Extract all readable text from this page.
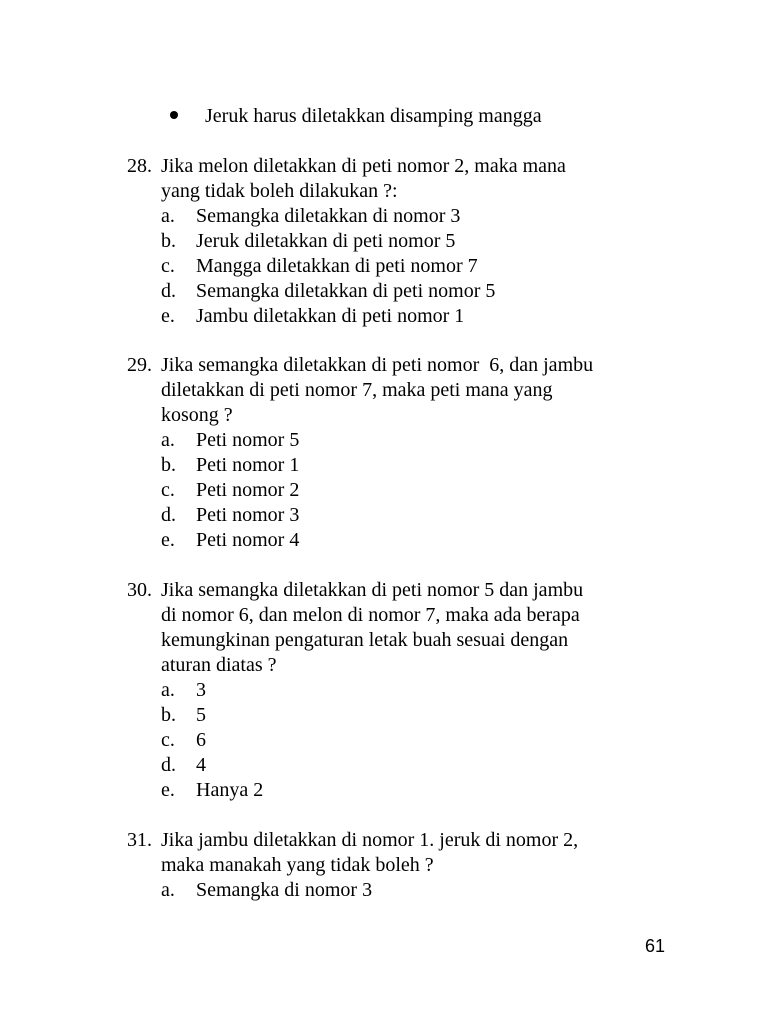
Jeruk harus diletakkan disamping mangga
28. Jika melon diletakkan di peti nomor 2, maka mana
yang tidak boleh dilakukan ?:
a.	Semangka diletakkan di nomor 3
b.	Jeruk diletakkan di peti nomor 5
c.	Mangga diletakkan di peti nomor 7
d.	Semangka diletakkan di peti nomor 5
e.	Jambu diletakkan di peti nomor 1
29. Jika semangka diletakkan di peti nomor  6, dan jambu
diletakkan di peti nomor 7, maka peti mana yang
kosong ?
a.	Peti nomor 5
b.	Peti nomor 1
c.	Peti nomor 2
d.	Peti nomor 3
e.	Peti nomor 4
30. Jika semangka diletakkan di peti nomor 5 dan jambu
di nomor 6, dan melon di nomor 7, maka ada berapa
kemungkinan pengaturan letak buah sesuai dengan
aturan diatas ?
a.	3
b.	5
c.	6
d.	4
e.	Hanya 2
31. Jika jambu diletakkan di nomor 1. jeruk di nomor 2,
maka manakah yang tidak boleh ?
a.	Semangka di nomor 3
61
